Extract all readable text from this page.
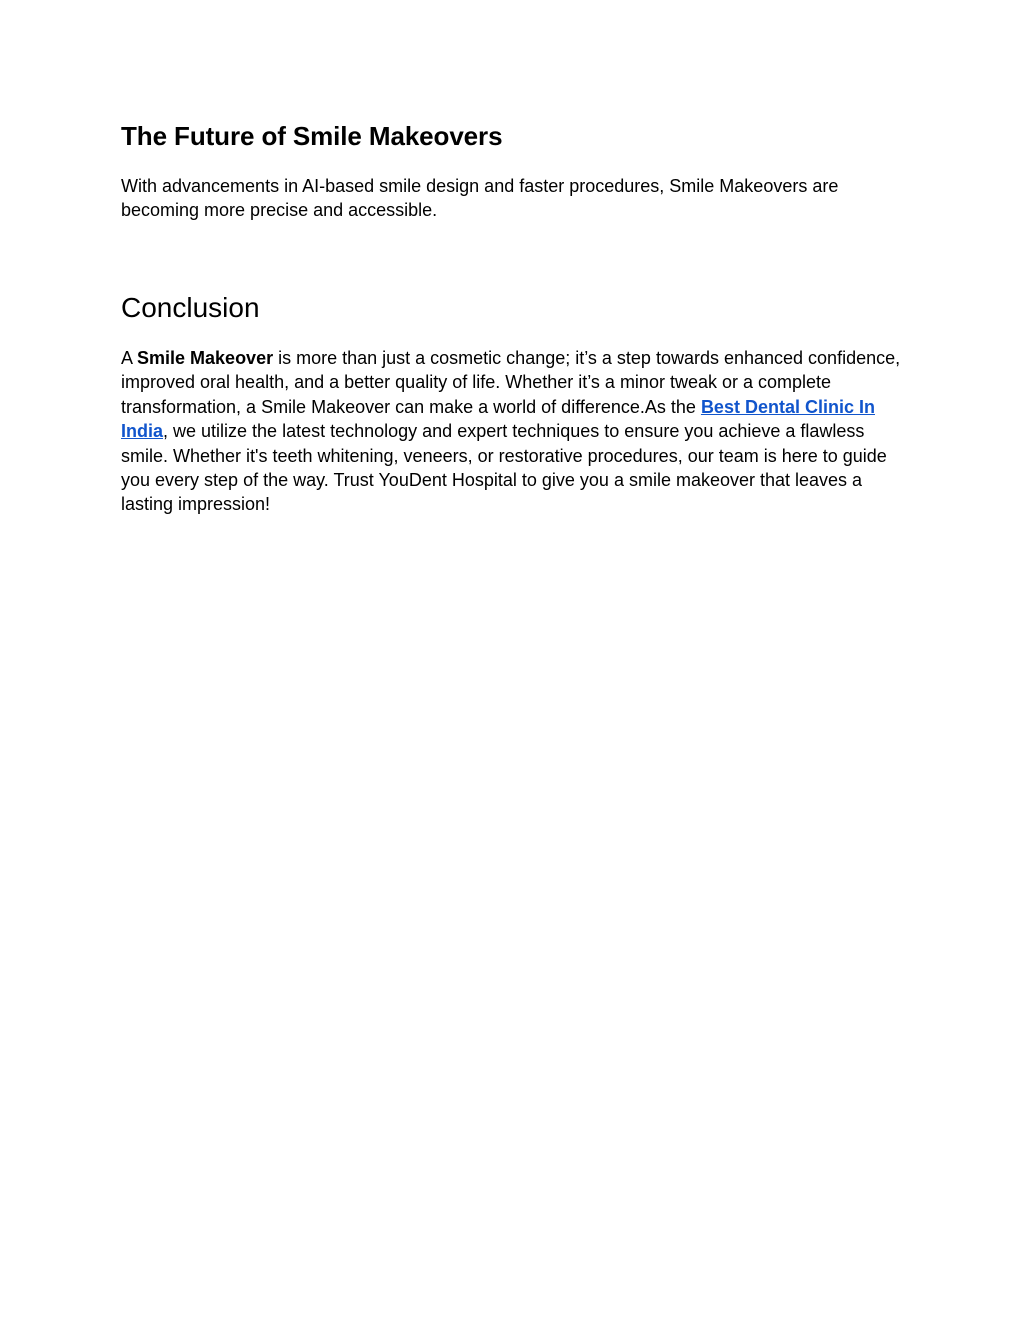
The Future of Smile Makeovers

With advancements in AI-based smile design and faster procedures, Smile Makeovers are becoming more precise and accessible.

Conclusion

A Smile Makeover is more than just a cosmetic change; it’s a step towards enhanced confidence, improved oral health, and a better quality of life. Whether it’s a minor tweak or a complete transformation, a Smile Makeover can make a world of difference.As the Best Dental Clinic In India, we utilize the latest technology and expert techniques to ensure you achieve a flawless smile. Whether it's teeth whitening, veneers, or restorative procedures, our team is here to guide you every step of the way. Trust YouDent Hospital to give you a smile makeover that leaves a lasting impression!
